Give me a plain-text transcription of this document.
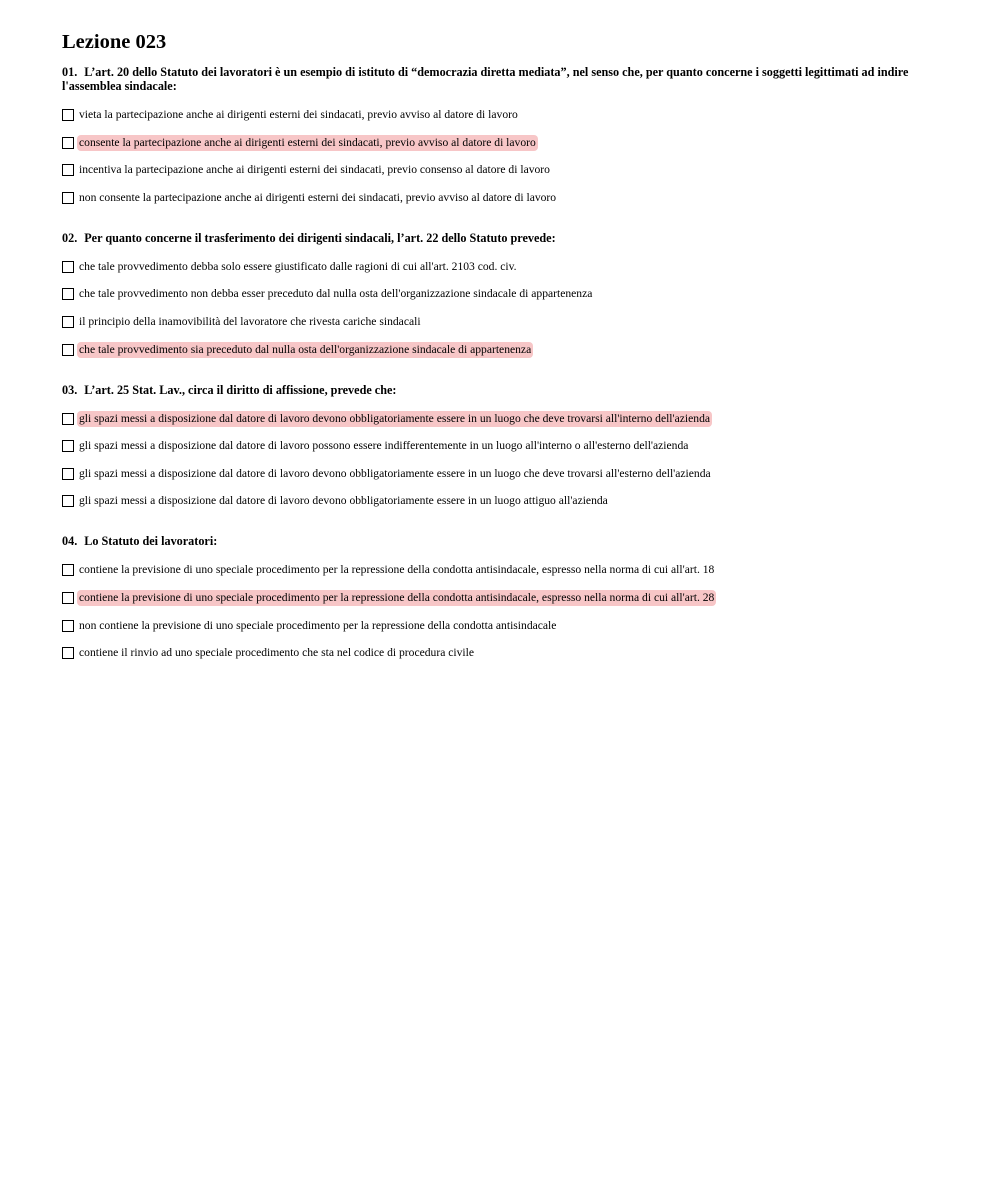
Lezione 023
01. L’art. 20 dello Statuto dei lavoratori è un esempio di istituto di “democrazia diretta mediata”, nel senso che, per quanto concerne i soggetti legittimati ad indire l'assemblea sindacale:
vieta la partecipazione anche ai dirigenti esterni dei sindacati, previo avviso al datore di lavoro
consente la partecipazione anche ai dirigenti esterni dei sindacati, previo avviso al datore di lavoro
incentiva la partecipazione anche ai dirigenti esterni dei sindacati, previo consenso al datore di lavoro
non consente la partecipazione anche ai dirigenti esterni dei sindacati, previo avviso al datore di lavoro
02. Per quanto concerne il trasferimento dei dirigenti sindacali, l’art. 22 dello Statuto prevede:
che tale provvedimento debba solo essere giustificato dalle ragioni di cui all'art. 2103 cod. civ.
che tale provvedimento non debba esser preceduto dal nulla osta dell'organizzazione sindacale di appartenenza
il principio della inamovibilità del lavoratore che rivesta cariche sindacali
che tale provvedimento sia preceduto dal nulla osta dell'organizzazione sindacale di appartenenza
03. L’art. 25 Stat. Lav., circa il diritto di affissione, prevede che:
gli spazi messi a disposizione dal datore di lavoro devono obbligatoriamente essere in un luogo che deve trovarsi all'interno dell'azienda
gli spazi messi a disposizione dal datore di lavoro possono essere indifferentemente in un luogo all'interno o all'esterno dell'azienda
gli spazi messi a disposizione dal datore di lavoro devono obbligatoriamente essere in un luogo che deve trovarsi all'esterno dell'azienda
gli spazi messi a disposizione dal datore di lavoro devono obbligatoriamente essere in un luogo attiguo all'azienda
04. Lo Statuto dei lavoratori:
contiene la previsione di uno speciale procedimento per la repressione della condotta antisindacale, espresso nella norma di cui all'art. 18
contiene la previsione di uno speciale procedimento per la repressione della condotta antisindacale, espresso nella norma di cui all'art. 28
non contiene la previsione di uno speciale procedimento per la repressione della condotta antisindacale
contiene il rinvio ad uno speciale procedimento che sta nel codice di procedura civile
